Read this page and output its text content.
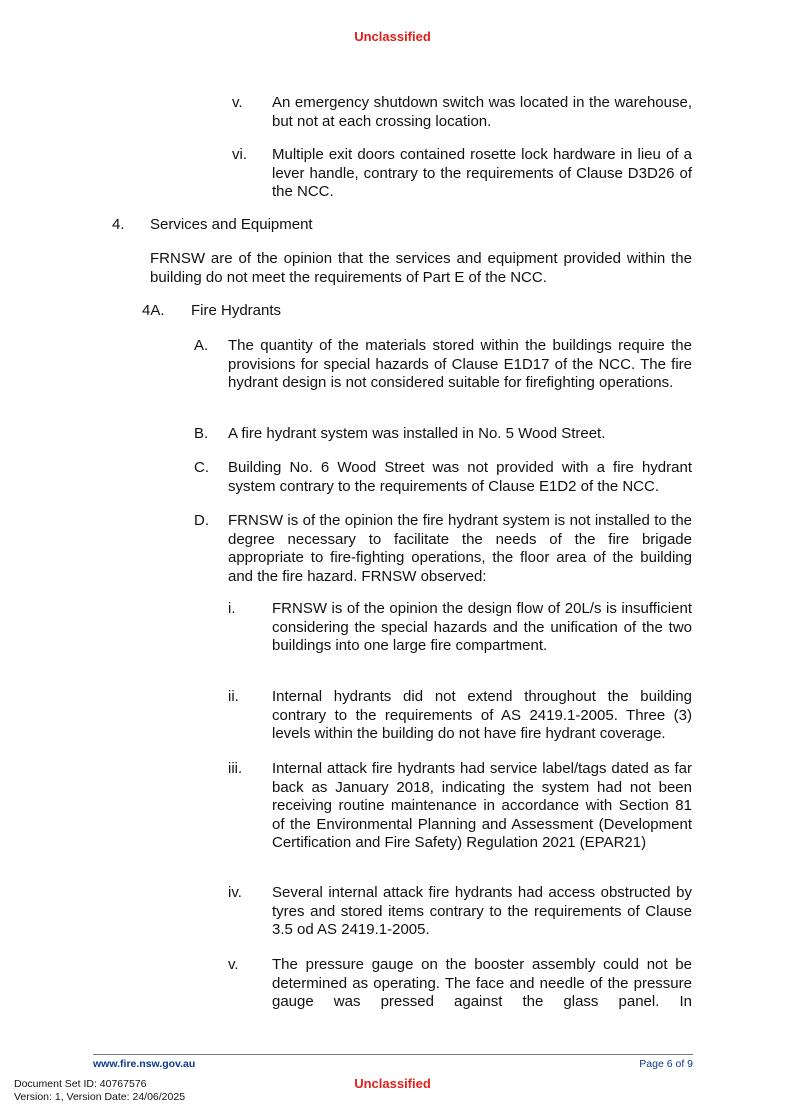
Unclassified
v. An emergency shutdown switch was located in the warehouse, but not at each crossing location.
vi. Multiple exit doors contained rosette lock hardware in lieu of a lever handle, contrary to the requirements of Clause D3D26 of the NCC.
4. Services and Equipment
FRNSW are of the opinion that the services and equipment provided within the building do not meet the requirements of Part E of the NCC.
4A. Fire Hydrants
A. The quantity of the materials stored within the buildings require the provisions for special hazards of Clause E1D17 of the NCC. The fire hydrant design is not considered suitable for firefighting operations.
B. A fire hydrant system was installed in No. 5 Wood Street.
C. Building No. 6 Wood Street was not provided with a fire hydrant system contrary to the requirements of Clause E1D2 of the NCC.
D. FRNSW is of the opinion the fire hydrant system is not installed to the degree necessary to facilitate the needs of the fire brigade appropriate to fire-fighting operations, the floor area of the building and the fire hazard. FRNSW observed:
i. FRNSW is of the opinion the design flow of 20L/s is insufficient considering the special hazards and the unification of the two buildings into one large fire compartment.
ii. Internal hydrants did not extend throughout the building contrary to the requirements of AS 2419.1-2005. Three (3) levels within the building do not have fire hydrant coverage.
iii. Internal attack fire hydrants had service label/tags dated as far back as January 2018, indicating the system had not been receiving routine maintenance in accordance with Section 81 of the Environmental Planning and Assessment (Development Certification and Fire Safety) Regulation 2021 (EPAR21)
iv. Several internal attack fire hydrants had access obstructed by tyres and stored items contrary to the requirements of Clause 3.5 od AS 2419.1-2005.
v. The pressure gauge on the booster assembly could not be determined as operating. The face and needle of the pressure gauge was pressed against the glass panel. In
www.fire.nsw.gov.au	Page 6 of 9
Document Set ID: 40767576
Version: 1, Version Date: 24/06/2025
Unclassified
